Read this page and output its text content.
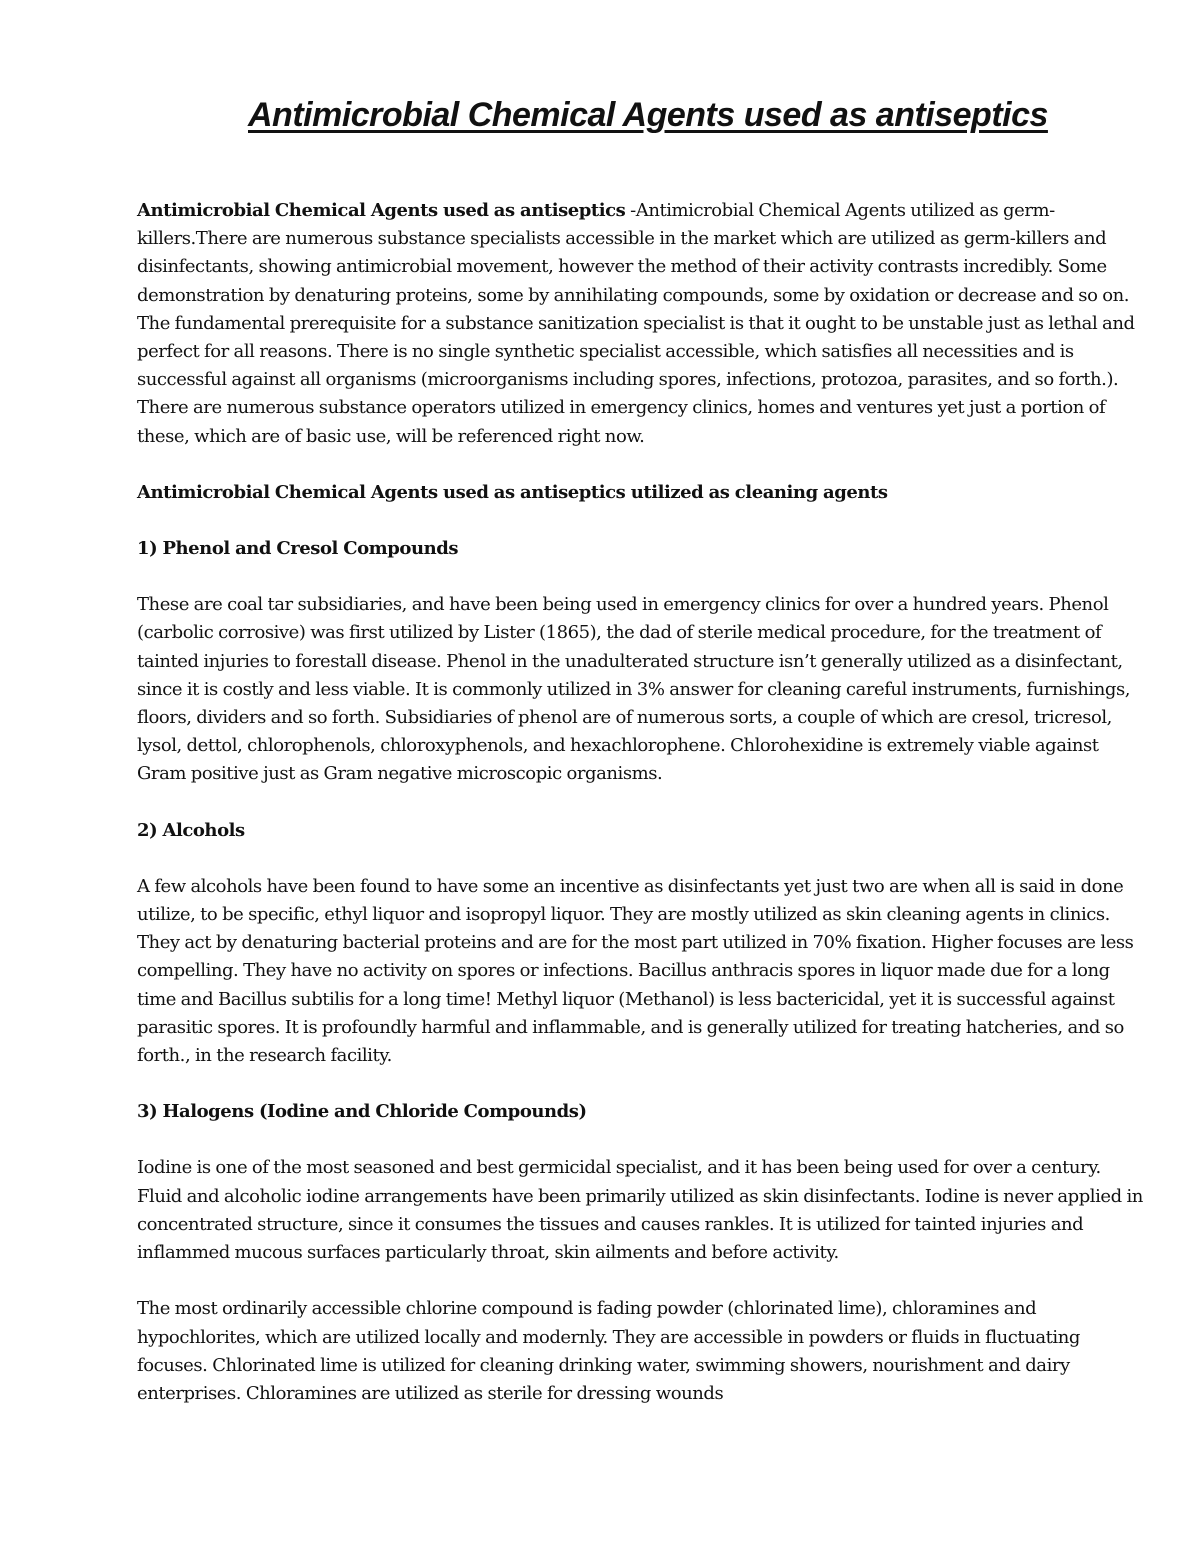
Antimicrobial Chemical Agents used as antiseptics

Antimicrobial Chemical Agents used as antiseptics -Antimicrobial Chemical Agents utilized as germ-killers.There are numerous substance specialists accessible in the market which are utilized as germ-killers and disinfectants, showing antimicrobial movement, however the method of their activity contrasts incredibly. Some demonstration by denaturing proteins, some by annihilating compounds, some by oxidation or decrease and so on. The fundamental prerequisite for a substance sanitization specialist is that it ought to be unstable just as lethal and perfect for all reasons. There is no single synthetic specialist accessible, which satisfies all necessities and is successful against all organisms (microorganisms including spores, infections, protozoa, parasites, and so forth.). There are numerous substance operators utilized in emergency clinics, homes and ventures yet just a portion of these, which are of basic use, will be referenced right now.

Antimicrobial Chemical Agents used as antiseptics utilized as cleaning agents
1) Phenol and Cresol Compounds

These are coal tar subsidiaries, and have been being used in emergency clinics for over a hundred years. Phenol (carbolic corrosive) was first utilized by Lister (1865), the dad of sterile medical procedure, for the treatment of tainted injuries to forestall disease. Phenol in the unadulterated structure isn’t generally utilized as a disinfectant, since it is costly and less viable. It is commonly utilized in 3% answer for cleaning careful instruments, furnishings, floors, dividers and so forth. Subsidiaries of phenol are of numerous sorts, a couple of which are cresol, tricresol, lysol, dettol, chlorophenols, chloroxyphenols, and hexachlorophene. Chlorohexidine is extremely viable against Gram positive just as Gram negative microscopic organisms.

2) Alcohols

A few alcohols have been found to have some an incentive as disinfectants yet just two are when all is said in done utilize, to be specific, ethyl liquor and isopropyl liquor. They are mostly utilized as skin cleaning agents in clinics. They act by denaturing bacterial proteins and are for the most part utilized in 70% fixation. Higher focuses are less compelling. They have no activity on spores or infections. Bacillus anthracis spores in liquor made due for a long time and Bacillus subtilis for a long time! Methyl liquor (Methanol) is less bactericidal, yet it is successful against parasitic spores. It is profoundly harmful and inflammable, and is generally utilized for treating hatcheries, and so forth., in the research facility.

3) Halogens (Iodine and Chloride Compounds)

Iodine is one of the most seasoned and best germicidal specialist, and it has been being used for over a century. Fluid and alcoholic iodine arrangements have been primarily utilized as skin disinfectants. Iodine is never applied in concentrated structure, since it consumes the tissues and causes rankles. It is utilized for tainted injuries and inflammed mucous surfaces particularly throat, skin ailments and before activity.

The most ordinarily accessible chlorine compound is fading powder (chlorinated lime), chloramines and hypochlorites, which are utilized locally and modernly. They are accessible in powders or fluids in fluctuating focuses. Chlorinated lime is utilized for cleaning drinking water, swimming showers, nourishment and dairy enterprises. Chloramines are utilized as sterile for dressing wounds
